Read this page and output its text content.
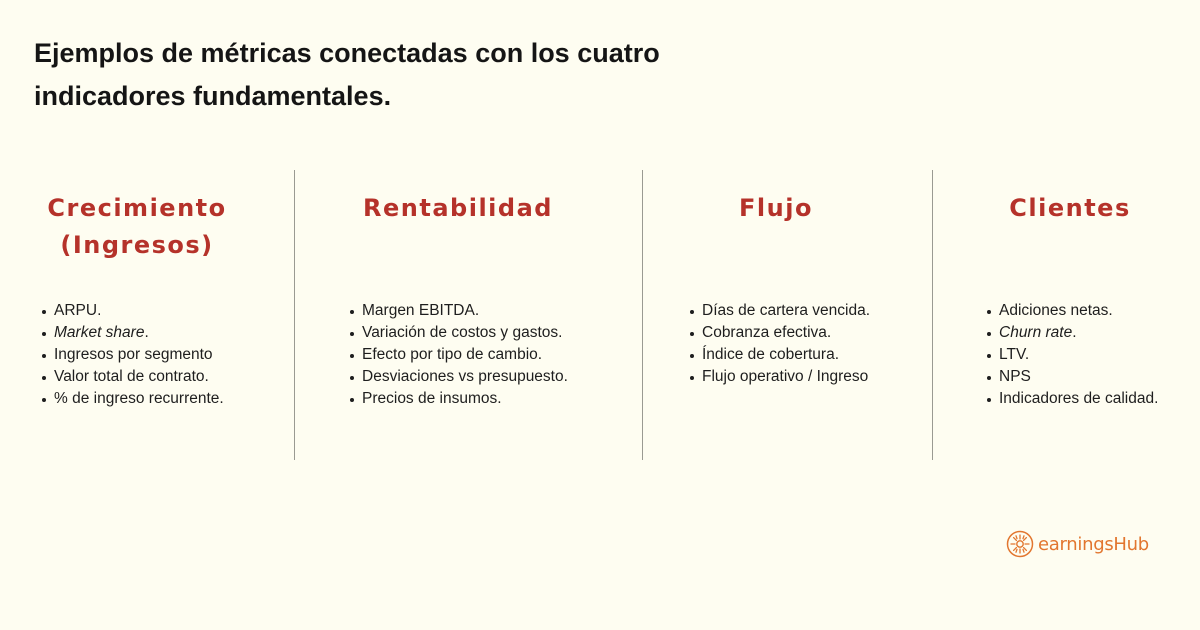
Ejemplos de métricas conectadas con los cuatro indicadores fundamentales.
Crecimiento
(Ingresos)
ARPU.
Market share.
Ingresos por segmento
Valor total de contrato.
% de ingreso recurrente.
Rentabilidad
Margen EBITDA.
Variación de costos y gastos.
Efecto por tipo de cambio.
Desviaciones vs presupuesto.
Precios de insumos.
Flujo
Días de cartera vencida.
Cobranza efectiva.
Índice de cobertura.
Flujo operativo / Ingreso
Clientes
Adiciones netas.
Churn rate.
LTV.
NPS
Indicadores de calidad.
earningsHub
